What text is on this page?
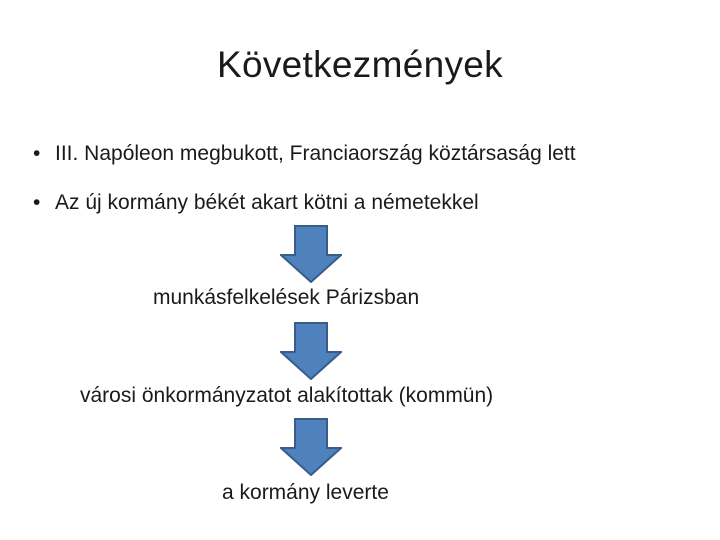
Következmények
• III. Napóleon megbukott, Franciaország köztársaság lett
• Az új kormány békét akart kötni a németekkel
munkásfelkelések Párizsban
városi önkormányzatot alakítottak (kommün)
a kormány leverte
